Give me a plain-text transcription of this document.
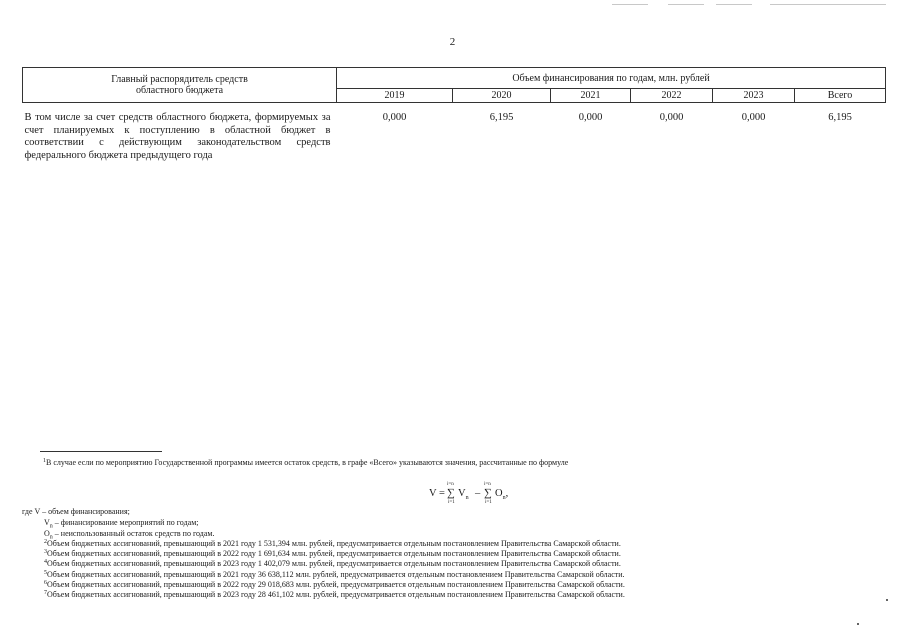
2
Главный распорядитель средств
областного бюджета	Объем финансирования по годам, млн. рублей					
	2019	2020	2021	2022	2023	Всего
В том числе за счет средств областного бюджета, формируемых за счет планируемых к поступлению в областной бюджет в соответствии с действующим законодательством средств федерального бюджета предыдущего года	0,000	6,195	0,000	0,000	0,000	6,195
$^1$В случае если по мероприятию Государственной программы имеется остаток средств, в графе «Всего» указываются значения, рассчитанные по формуле
V =
i=n
∑
i=1
$V_n$ –
i=n
∑
i=1
$O_n$,
где V – объем финансирования;
$V_n$ – финансирование мероприятий по годам;
$O_n$ – неиспользованный остаток средств по годам.
$^2$Объем бюджетных ассигнований, превышающий в 2021 году 1 531,394 млн. рублей, предусматривается отдельным постановлением Правительства Самарской области.
$^3$Объем бюджетных ассигнований, превышающий в 2022 году 1 691,634 млн. рублей, предусматривается отдельным постановлением Правительства Самарской области.
$^4$Объем бюджетных ассигнований, превышающий в 2023 году 1 402,079 млн. рублей, предусматривается отдельным постановлением Правительства Самарской области.
$^5$Объем бюджетных ассигнований, превышающий в 2021 году 36 638,112 млн. рублей, предусматривается отдельным постановлением Правительства Самарской области.
$^6$Объем бюджетных ассигнований, превышающий в 2022 году 29 018,683 млн. рублей, предусматривается отдельным постановлением Правительства Самарской области.
$^7$Объем бюджетных ассигнований, превышающий в 2023 году 28 461,102 млн. рублей, предусматривается отдельным постановлением Правительства Самарской области.
